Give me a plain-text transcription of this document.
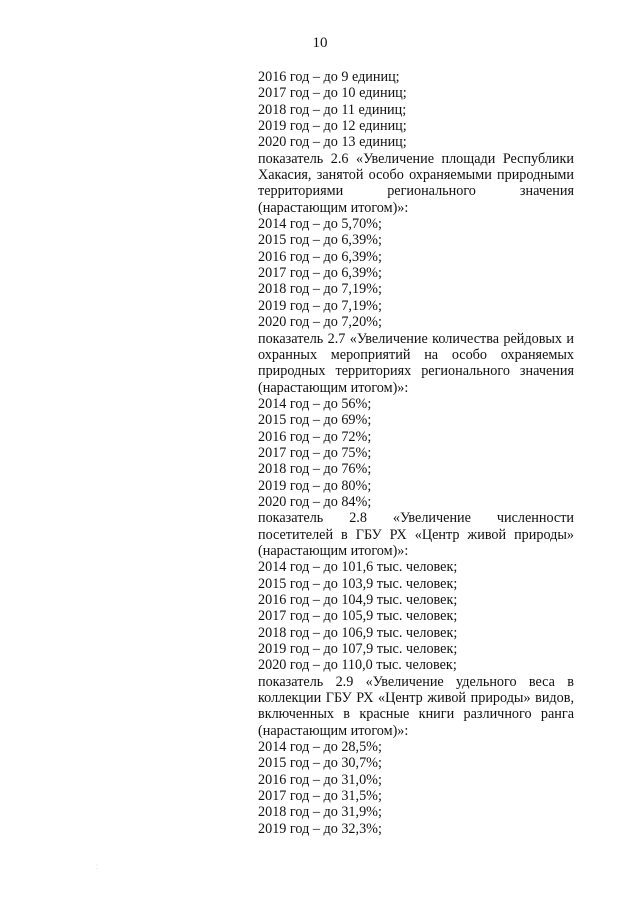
10
2016 год – до 9 единиц;
2017 год – до 10 единиц;
2018 год – до 11 единиц;
2019 год – до 12 единиц;
2020 год – до 13 единиц;
показатель 2.6 «Увеличение площади Республики
Хакасия, занятой особо охраняемыми природными
территориями регионального значения
(нарастающим итогом)»:
2014 год – до 5,70%;
2015 год – до 6,39%;
2016 год – до 6,39%;
2017 год – до 6,39%;
2018 год – до 7,19%;
2019 год – до 7,19%;
2020 год – до 7,20%;
показатель 2.7 «Увеличение количества рейдовых и
охранных мероприятий на особо охраняемых
природных территориях регионального значения
(нарастающим итогом)»:
2014 год – до 56%;
2015 год – до 69%;
2016 год – до 72%;
2017 год – до 75%;
2018 год – до 76%;
2019 год – до 80%;
2020 год – до 84%;
показатель 2.8 «Увеличение численности
посетителей в ГБУ РХ «Центр живой природы»
(нарастающим итогом)»:
2014 год – до 101,6 тыс. человек;
2015 год – до 103,9 тыс. человек;
2016 год – до 104,9 тыс. человек;
2017 год – до 105,9 тыс. человек;
2018 год – до 106,9 тыс. человек;
2019 год – до 107,9 тыс. человек;
2020 год – до 110,0 тыс. человек;
показатель 2.9 «Увеличение удельного веса в
коллекции ГБУ РХ «Центр живой природы» видов,
включенных в красные книги различного ранга
(нарастающим итогом)»:
2014 год – до 28,5%;
2015 год – до 30,7%;
2016 год – до 31,0%;
2017 год – до 31,5%;
2018 год – до 31,9%;
2019 год – до 32,3%;
⁚
